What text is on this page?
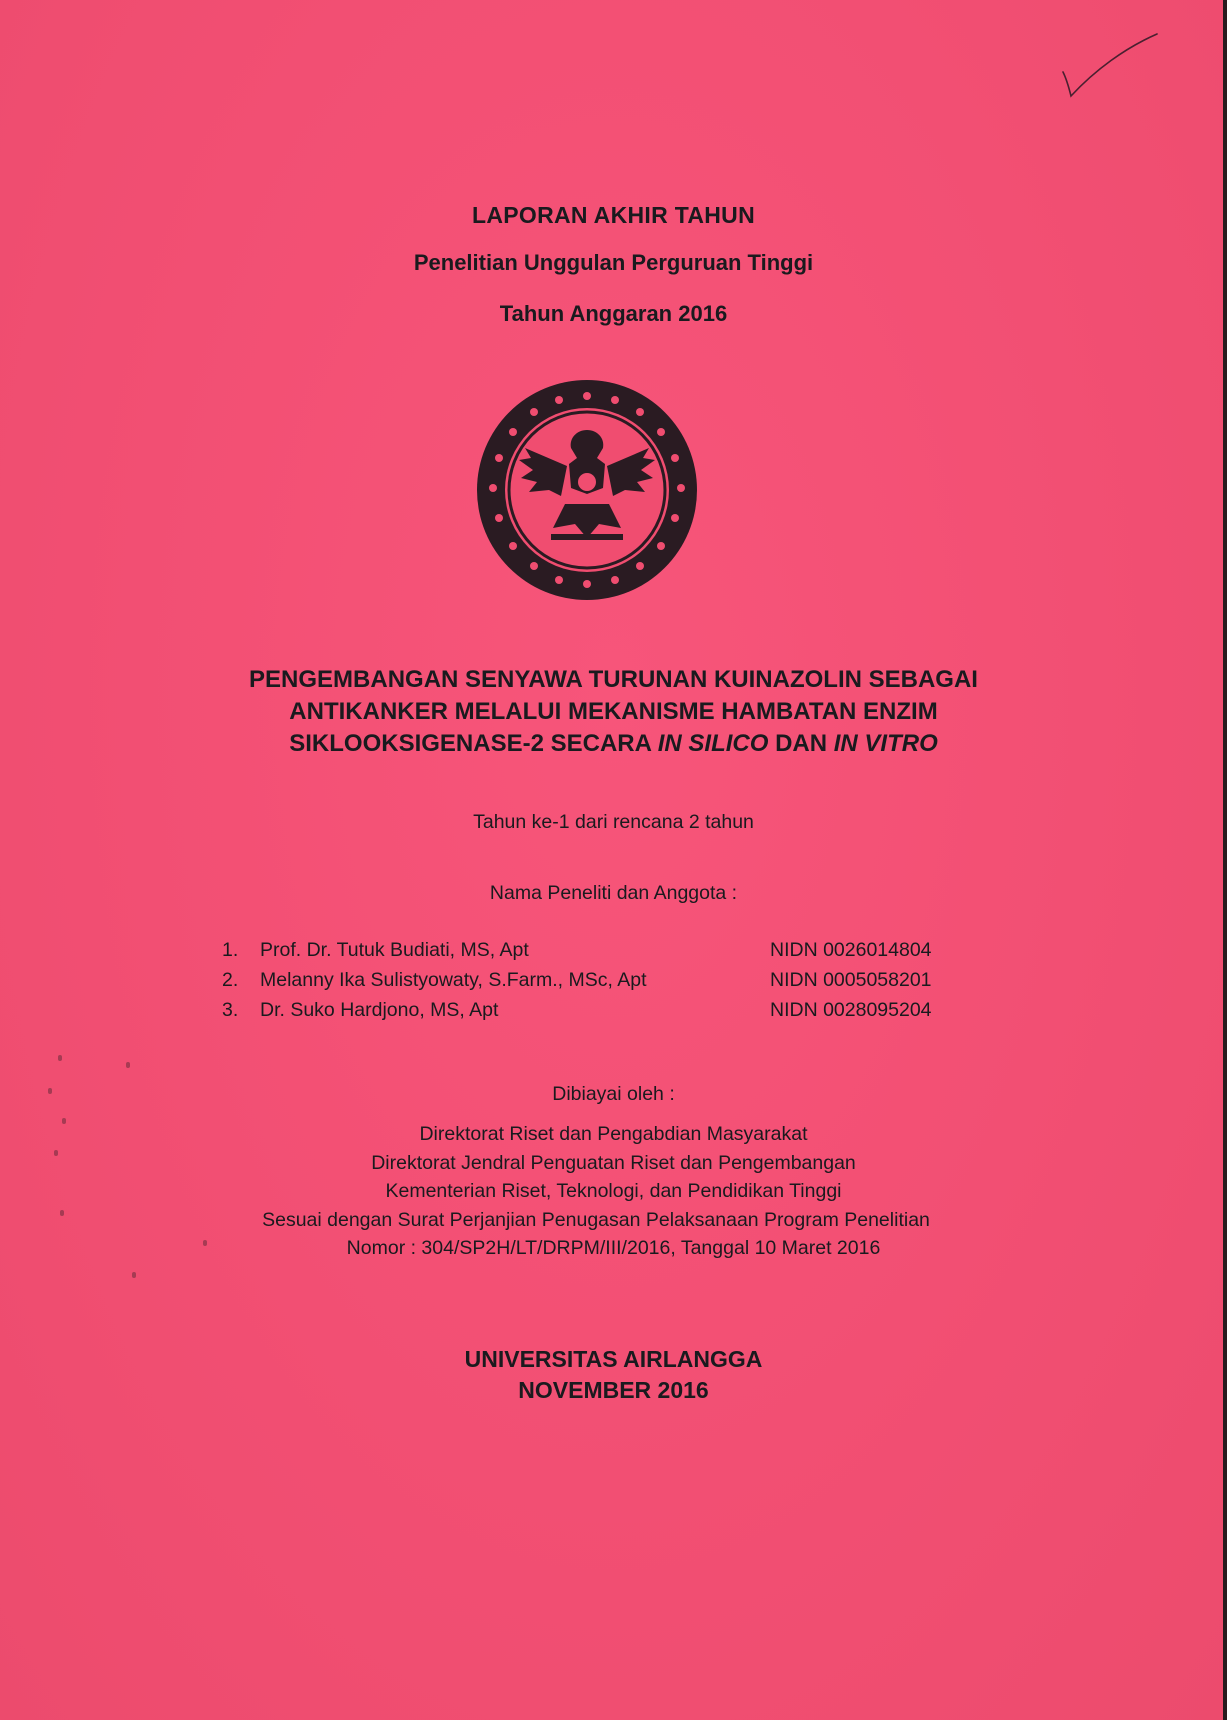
LAPORAN AKHIR TAHUN
Penelitian Unggulan Perguruan Tinggi
Tahun Anggaran 2016
PENGEMBANGAN SENYAWA TURUNAN KUINAZOLIN SEBAGAI
ANTIKANKER MELALUI MEKANISME HAMBATAN ENZIM
SIKLOOKSIGENASE-2 SECARA IN SILICO DAN IN VITRO
Tahun ke-1 dari rencana 2 tahun
Nama Peneliti dan Anggota :
1. Prof. Dr. Tutuk Budiati, MS, Apt	NIDN 0026014804
2. Melanny Ika Sulistyowaty, S.Farm., MSc, Apt	NIDN 0005058201
3. Dr. Suko Hardjono, MS, Apt	NIDN 0028095204
Dibiayai oleh :
Direktorat Riset dan Pengabdian Masyarakat
Direktorat Jendral Penguatan Riset dan Pengembangan
Kementerian Riset, Teknologi, dan Pendidikan Tinggi
Sesuai dengan Surat Perjanjian Penugasan Pelaksanaan Program Penelitian
Nomor : 304/SP2H/LT/DRPM/III/2016, Tanggal 10 Maret 2016
UNIVERSITAS AIRLANGGA
NOVEMBER 2016
